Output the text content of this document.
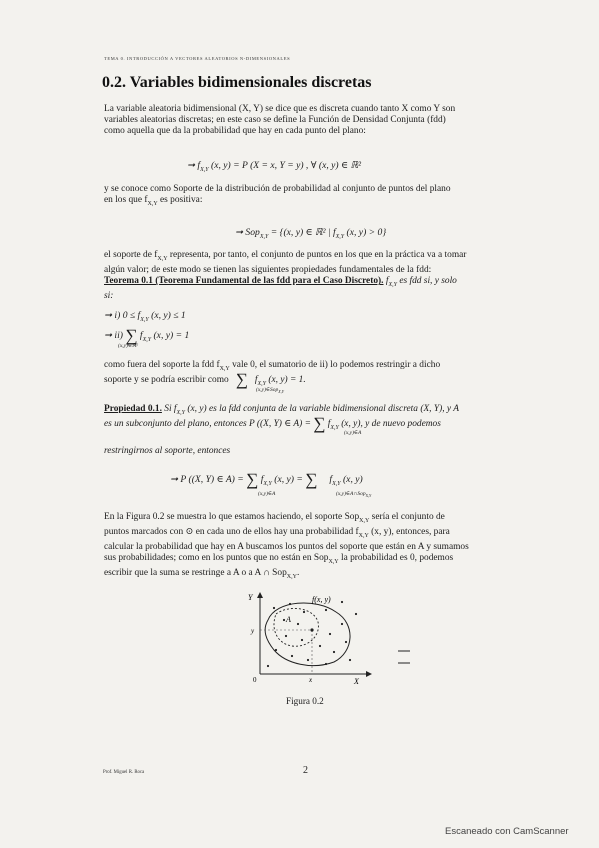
TEMA 0. INTRODUCCIÓN A VECTORES ALEATORIOS N-DIMENSIONALES
0.2. Variables bidimensionales discretas
La variable aleatoria bidimensional (X, Y) se dice que es discreta cuando tanto X como Y son
variables aleatorias discretas; en este caso se define la Función de Densidad Conjunta (fdd)
como aquella que da la probabilidad que hay en cada punto del plano:
➞ $f_{X,Y}$ (x, y) = P (X = x, Y = y) , ∀ (x, y) ∈ ℝ²
y se conoce como Soporte de la distribución de probabilidad al conjunto de puntos del plano
en los que $f_{X,Y}$ es positiva:
➞ Sop$_{X,Y}$ = {(x, y) ∈ ℝ² | $f_{X,Y}$ (x, y) > 0}
el soporte de $f_{X,Y}$ representa, por tanto, el conjunto de puntos en los que en la práctica va a tomar
algún valor; de este modo se tienen las siguientes propiedades fundamentales de la fdd:
Teorema 0.1 (Teorema Fundamental de las fdd para el Caso Discreto). $f_{X,Y}$ es fdd si, y solo
si:
➞ i) $0 \le f_{X,Y}$ (x, y) ≤ 1
➞ ii) ∑ $f_{X,Y}$ (x, y) = 1
(x,y)∈ℝ²
como fuera del soporte la fdd $f_{X,Y}$ vale 0, el sumatorio de ii) lo podemos restringir a dicho
soporte y se podría escribir como ∑ $f_{X,Y}$ (x, y) = 1.
(x,y)∈Sop$_{X,Y}$
Propiedad 0.1. Si $f_{X,Y}$ (x, y) es la fdd conjunta de la variable bidimensional discreta (X, Y), y A
es un subconjunto del plano, entonces P ((X, Y) ∈ A) = ∑ $f_{X,Y}$ (x, y), y de nuevo podemos
restringirnos al soporte, entonces
(x,y)∈A
➞ P ((X, Y) ∈ A) = ∑ $f_{X,Y}$ (x, y) = ∑ $f_{X,Y}$ (x, y)
(x,y)∈A	(x,y)∈A∩Sop$_{X,Y}$
En la Figura 0.2 se muestra lo que estamos haciendo, el soporte Sop$_{X,Y}$ sería el conjunto de
puntos marcados con ⊙ en cada uno de ellos hay una probabilidad $f_{X,Y}$ (x, y), entonces, para
calcular la probabilidad que hay en A buscamos los puntos del soporte que están en A y sumamos
sus probabilidades; como en los puntos que no están en Sop$_{X,Y}$ la probabilidad es 0, podemos
escribir que la suma se restringe a A o a A ∩ Sop$_{X,Y}$.
Y
X
0
f(x, y)
A
y
x
Figura 0.2
Prof. Miguel R. Roca	2
Escaneado con CamScanner
